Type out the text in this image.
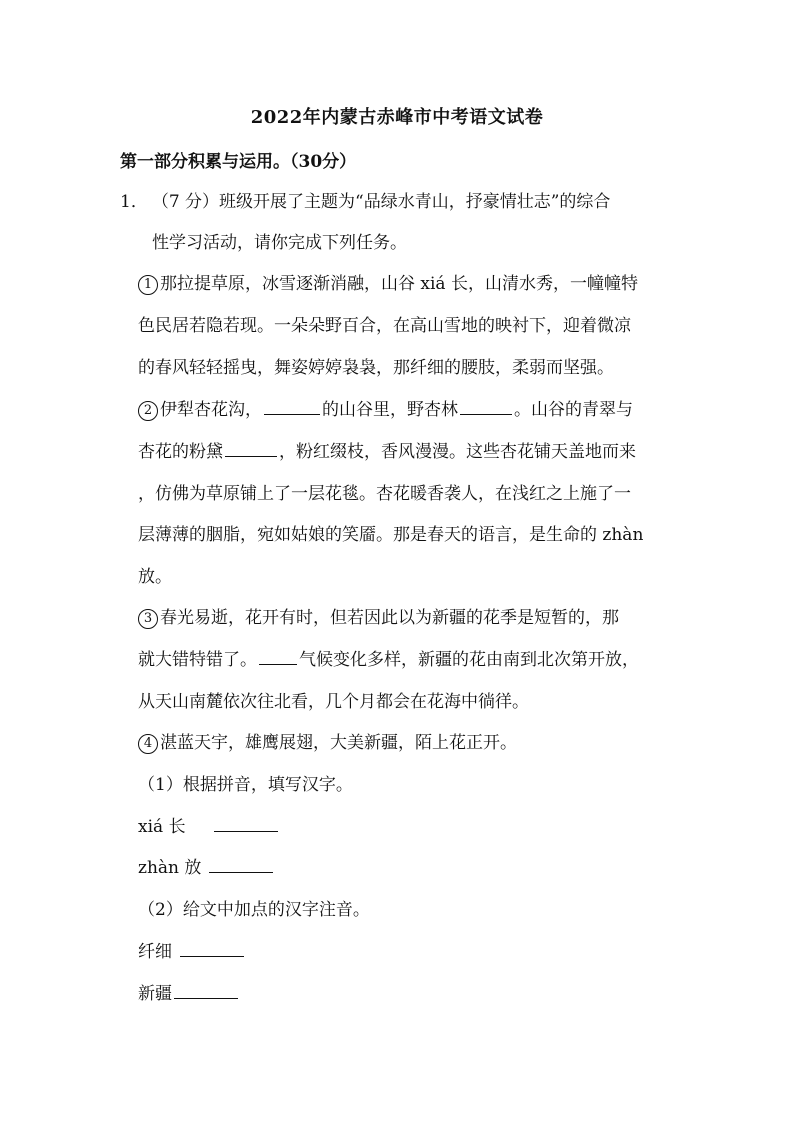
2022年内蒙古赤峰市中考语文试卷
第一部分积累与运用。（30分）
1． （7 分）班级开展了主题为“品绿水青山，抒豪情壮志”的综合
性学习活动，请你完成下列任务。
1 那拉提草原，冰雪逐渐消融，山谷 xiá 长，山清水秀，一幢幢特
色民居若隐若现。一朵朵野百合，在高山雪地的映衬下，迎着微凉
的春风轻轻摇曳，舞姿婷婷袅袅，那纤细的腰肢，柔弱而坚强。
2 伊犁杏花沟，	的山谷里，野杏林	。山谷的青翠与
杏花的粉黛	，粉红缀枝，香风漫漫。这些杏花铺天盖地而来
，仿佛为草原铺上了一层花毯。杏花暖香袭人，在浅红之上施了一
层薄薄的胭脂，宛如姑娘的笑靥。那是春天的语言，是生命的 zhàn
放。
3 春光易逝，花开有时，但若因此以为新疆的花季是短暂的，那
就大错特错了。 气候变化多样，新疆的花由南到北次第开放，
从天山南麓依次往北看，几个月都会在花海中徜徉。
4 湛蓝天宇，雄鹰展翅，大美新疆，陌上花正开。
（1）根据拼音，填写汉字。
xiá 长
zhàn 放
（2）给文中加点的汉字注音。
纤细
新疆
